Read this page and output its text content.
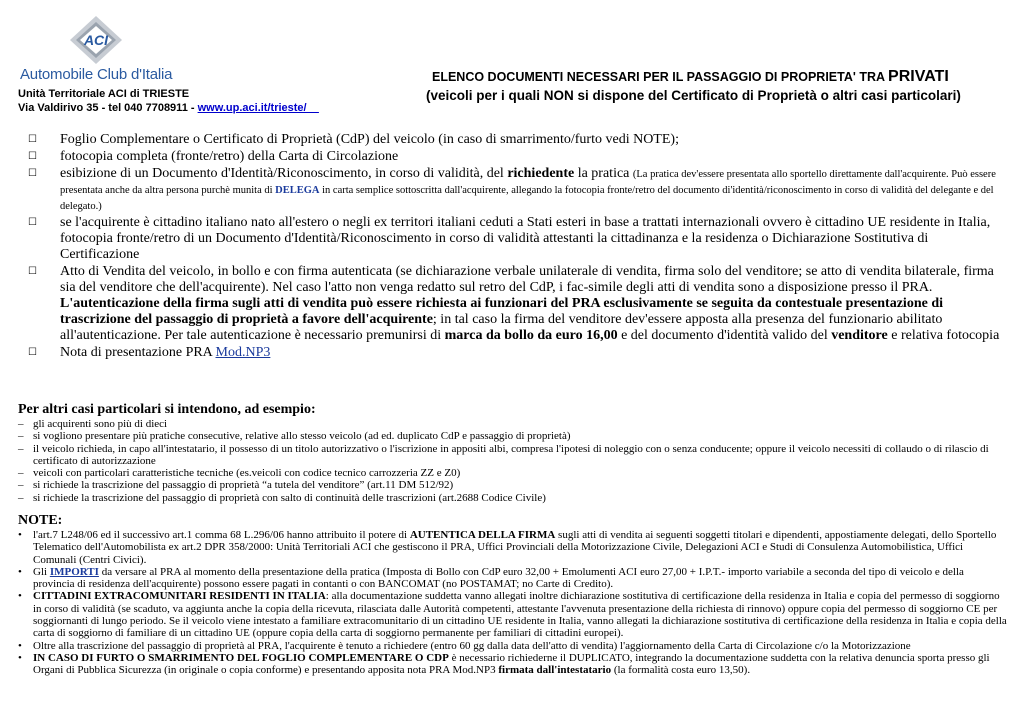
ACI
Automobile Club d'Italia
Unità Territoriale ACI di TRIESTE
Via Valdirivo 35 - tel 040 7708911 - www.up.aci.it/trieste/__
ELENCO DOCUMENTI NECESSARI PER IL PASSAGGIO DI PROPRIETA' TRA PRIVATI
(veicoli per i quali NON si dispone del Certificato di Proprietà o altri casi particolari)
☐ Foglio Complementare o Certificato di Proprietà (CdP) del veicolo (in caso di smarrimento/furto vedi NOTE);
☐ fotocopia completa (fronte/retro) della Carta di Circolazione
☐ esibizione di un Documento d'Identità/Riconoscimento, in corso di validità, del richiedente la pratica (La pratica dev'essere presentata allo sportello direttamente dall'acquirente. Può essere presentata anche da altra persona purchè munita di DELEGA in carta semplice sottoscritta dall'acquirente, allegando la fotocopia fronte/retro del documento di'identità/riconoscimento in corso di validità del delegante e del delegato.)
☐ se l'acquirente è cittadino italiano nato all'estero o negli ex territori italiani ceduti a Stati esteri in base a trattati internazionali ovvero è cittadino UE residente in Italia, fotocopia fronte/retro di un Documento d'Identità/Riconoscimento in corso di validità attestanti la cittadinanza e la residenza o Dichiarazione Sostitutiva di Certificazione
☐ Atto di Vendita del veicolo, in bollo e con firma autenticata (se dichiarazione verbale unilaterale di vendita, firma solo del venditore; se atto di vendita bilaterale, firma sia del venditore che dell'acquirente). Nel caso l'atto non venga redatto sul retro del CdP, i fac-simile degli atti di vendita sono a disposizione presso il PRA. L'autenticazione della firma sugli atti di vendita può essere richiesta ai funzionari del PRA esclusivamente se seguita da contestuale presentazione di trascrizione del passaggio di proprietà a favore dell'acquirente; in tal caso la firma del venditore dev'essere apposta alla presenza del funzionario abilitato all'autenticazione. Per tale autenticazione è necessario premunirsi di marca da bollo da euro 16,00 e del documento d'identità valido del venditore e relativa fotocopia
☐ Nota di presentazione PRA Mod.NP3
Per altri casi particolari si intendono, ad esempio:
– gli acquirenti sono più di dieci
– si vogliono presentare più pratiche consecutive, relative allo stesso veicolo (ad ed. duplicato CdP e passaggio di proprietà)
– il veicolo richieda, in capo all'intestatario, il possesso di un titolo autorizzativo o l'iscrizione in appositi albi, compresa l'ipotesi di noleggio con o senza conducente; oppure il veicolo necessiti di collaudo o di rilascio di certificato di autorizzazione
– veicoli con particolari caratteristiche tecniche (es.veicoli con codice tecnico carrozzeria ZZ e Z0)
– si richiede la trascrizione del passaggio di proprietà “a tutela del venditore” (art.11 DM 512/92)
– si richiede la trascrizione del passaggio di proprietà con salto di continuità delle trascrizioni (art.2688 Codice Civile)
NOTE:
• l'art.7 L248/06 ed il successivo art.1 comma 68 L.296/06 hanno attribuito il potere di AUTENTICA DELLA FIRMA sugli atti di vendita ai seguenti soggetti titolari e dipendenti, appostiamente delegati, dello Sportello Telematico dell'Automobilista ex art.2 DPR 358/2000: Unità Territoriali ACI che gestiscono il PRA, Uffici Provinciali della Motorizzazione Civile, Delegazioni ACI e Studi di Consulenza Automobilistica, Uffici Comunali (Centri Civici).
• Gli IMPORTI da versare al PRA al momento della presentazione della pratica (Imposta di Bollo con CdP euro 32,00 + Emolumenti ACI euro 27,00 + I.P.T.- importo variabile a seconda del tipo di veicolo e della provincia di residenza dell'acquirente) possono essere pagati in contanti o con BANCOMAT (no POSTAMAT; no Carte di Credito).
• CITTADINI EXTRACOMUNITARI RESIDENTI IN ITALIA: alla documentazione suddetta vanno allegati inoltre dichiarazione sostitutiva di certificazione della residenza in Italia e copia del permesso di soggiorno in corso di validità (se scaduto, va aggiunta anche la copia della ricevuta, rilasciata dalle Autorità competenti, attestante l'avvenuta presentazione della richiesta di rinnovo) oppure copia del permesso di soggiorno CE per soggiornanti di lungo periodo. Se il veicolo viene intestato a familiare extracomunitario di un cittadino UE residente in Italia, vanno allegati la dichiarazione sostitutiva di certificazione della residenza in Italia e copia della carta di soggiorno di familiare di un cittadino UE (oppure copia della carta di soggiorno permanente per familiari di cittadini europei).
• Oltre alla trascrizione del passaggio di proprietà al PRA, l'acquirente è tenuto a richiedere (entro 60 gg dalla data dell'atto di vendita) l'aggiornamento della Carta di Circolazione c/o la Motorizzazione
• IN CASO DI FURTO O SMARRIMENTO DEL FOGLIO COMPLEMENTARE O CDP è necessario richiederne il DUPLICATO, integrando la documentazione suddetta con la relativa denuncia sporta presso gli Organi di Pubblica Sicurezza (in originale o copia conforme) e presentando apposita nota PRA Mod.NP3 firmata dall'intestatario (la formalità costa euro 13,50).
